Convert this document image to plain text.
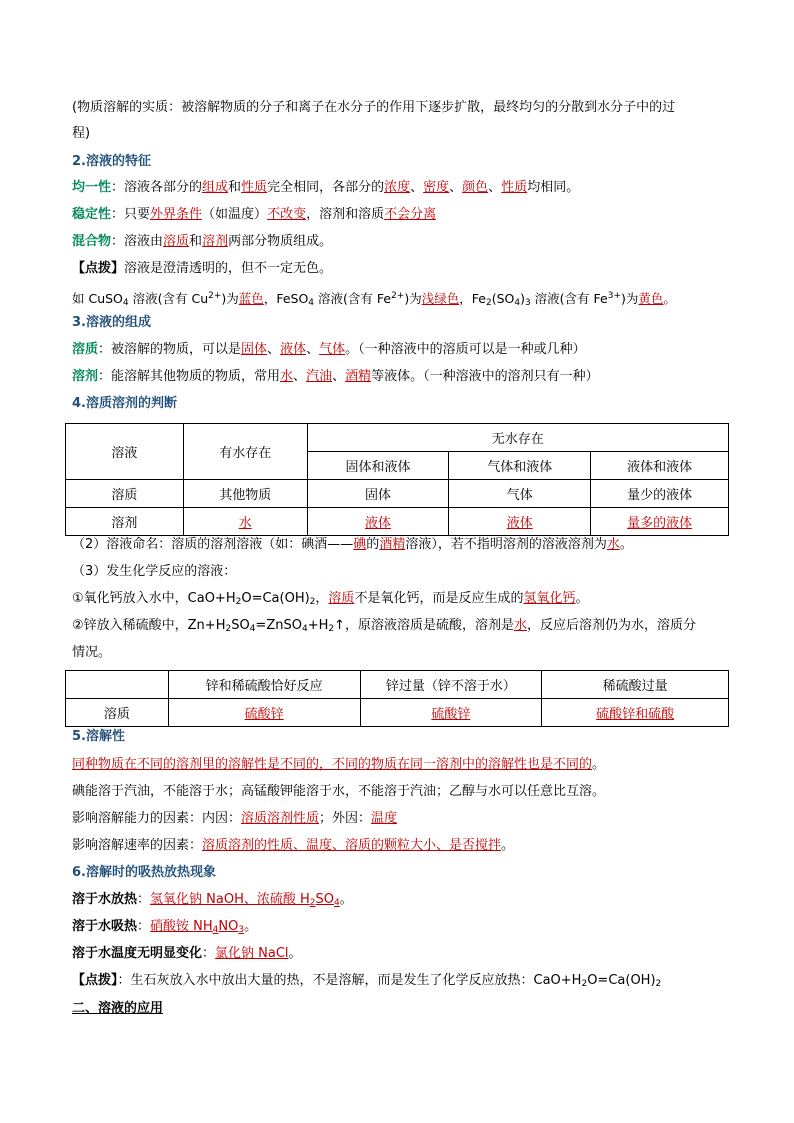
(物质溶解的实质：被溶解物质的分子和离子在水分子的作用下逐步扩散，最终均匀的分散到水分子中的过
程)
2.溶液的特征
均一性：溶液各部分的组成和性质完全相同，各部分的浓度、密度、颜色、性质均相同。
稳定性：只要外界条件（如温度）不改变，溶剂和溶质不会分离
混合物：溶液由溶质和溶剂两部分物质组成。
【点拨】溶液是澄清透明的，但不一定无色。
如 CuSO$_4$ 溶液(含有 $Cu^{2+}$)为蓝色，FeSO$_4$ 溶液(含有 $Fe^{2+}$)为浅绿色，$Fe_2(SO_4)_3$ 溶液(含有 $Fe^{3+}$)为黄色。
3.溶液的组成
溶质：被溶解的物质，可以是固体、液体、气体。（一种溶液中的溶质可以是一种或几种）
溶剂：能溶解其他物质的物质，常用水、汽油、酒精等液体。（一种溶液中的溶剂只有一种）
4.溶质溶剂的判断
溶液	有水存在	无水存在		
		固体和液体	气体和液体	液体和液体
溶质	其他物质	固体	气体	量少的液体
溶剂	水	液体	液体	量多的液体
（2）溶液命名：溶质的溶剂溶液（如：碘酒——碘的酒精溶液），若不指明溶剂的溶液溶剂为水。
（3）发生化学反应的溶液：
①氧化钙放入水中，$CaO+H_2O=Ca(OH)_2$，溶质不是氧化钙，而是反应生成的氢氧化钙。
②锌放入稀硫酸中，$Zn+H_2SO_4=ZnSO_4+H_2↑$，原溶液溶质是硫酸，溶剂是水，反应后溶剂仍为水，溶质分
情况。
	锌和稀硫酸恰好反应	锌过量（锌不溶于水）	稀硫酸过量
溶质	硫酸锌	硫酸锌	硫酸锌和硫酸
5.溶解性
同种物质在不同的溶剂里的溶解性是不同的，不同的物质在同一溶剂中的溶解性也是不同的。
碘能溶于汽油，不能溶于水；高锰酸钾能溶于水，不能溶于汽油；乙醇与水可以任意比互溶。
影响溶解能力的因素：内因：溶质溶剂性质；外因：温度
影响溶解速率的因素：溶质溶剂的性质、温度、溶质的颗粒大小、是否搅拌。
6.溶解时的吸热放热现象
溶于水放热：氢氧化钠 NaOH、浓硫酸 $H_2SO_4$。
溶于水吸热：硝酸铵 $NH_4NO_3$。
溶于水温度无明显变化：氯化钠 NaCl。
【点拨】：生石灰放入水中放出大量的热，不是溶解，而是发生了化学反应放热：$CaO+H_2O=Ca(OH)_2$
二、溶液的应用
